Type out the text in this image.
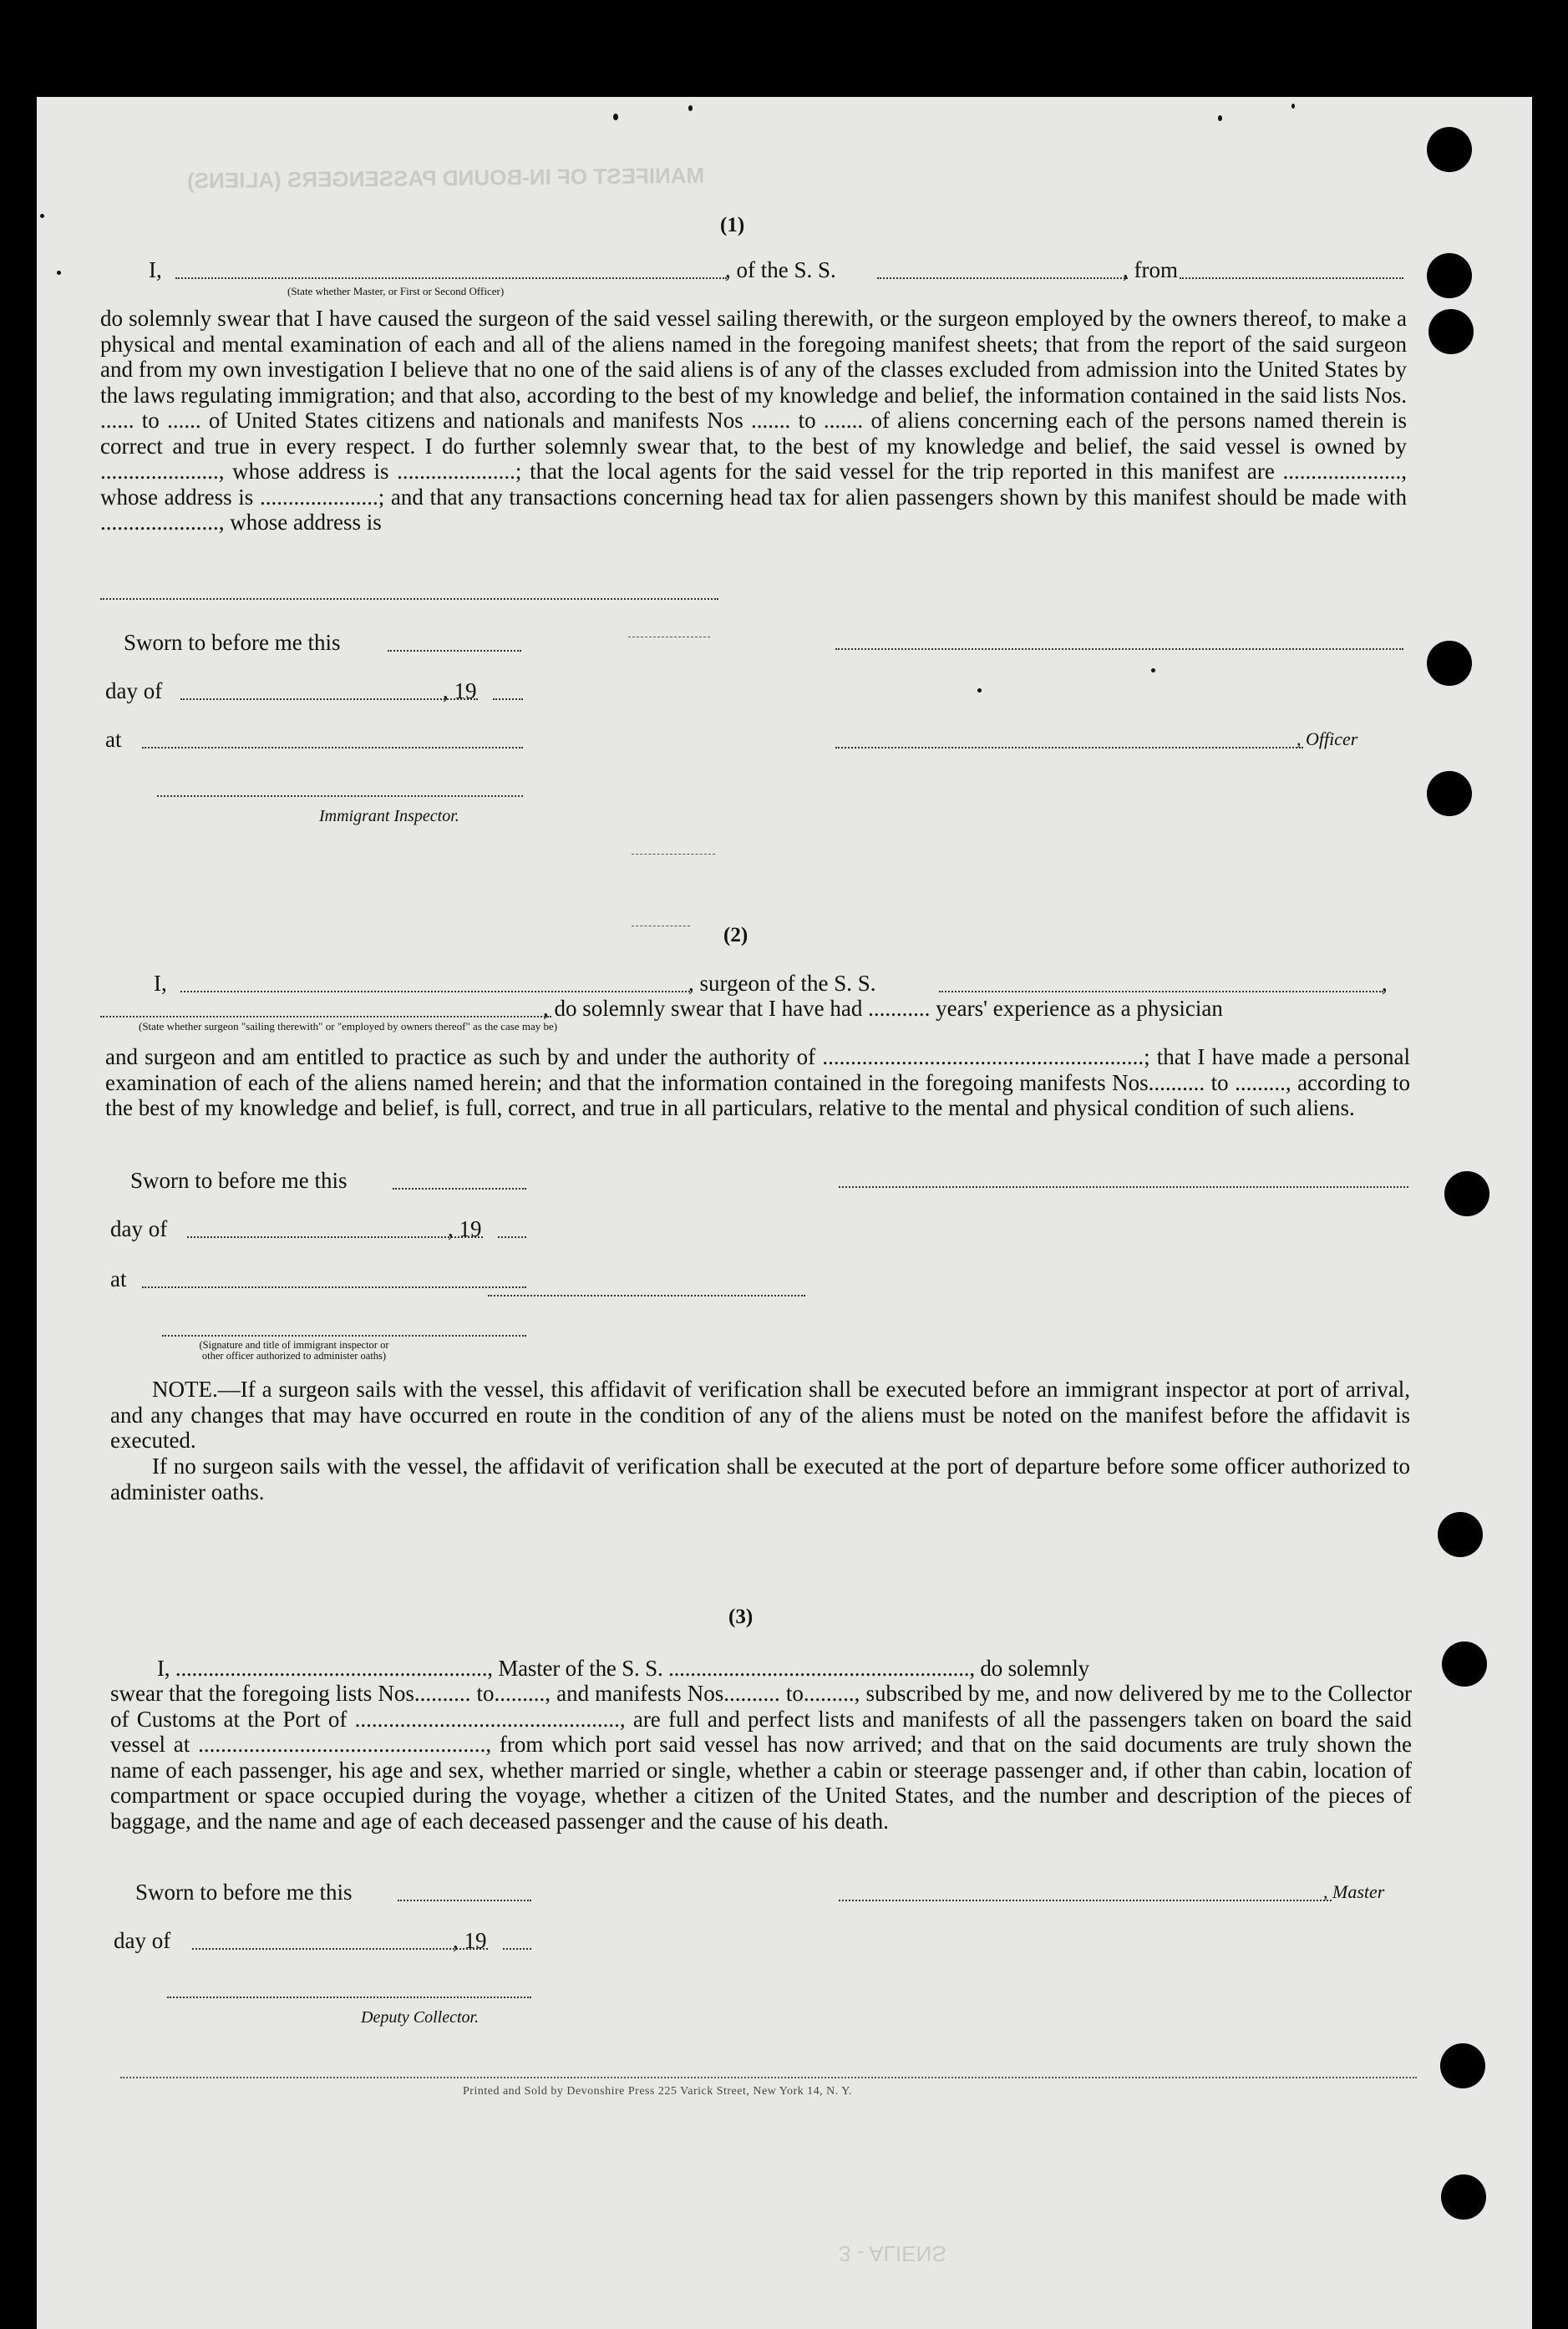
MANIFEST OF IN-BOUND PASSENGERS (ALIENS)
3 - ALIENS
(1)
I,	, of the S. S.	, from
(State whether Master, or First or Second Officer)
do solemnly swear that I have caused the surgeon of the said vessel sailing therewith, or the surgeon employed by the owners thereof, to make a physical and mental examination of each and all of the aliens named in the foregoing manifest sheets; that from the report of the said surgeon and from my own investigation I believe that no one of the said aliens is of any of the classes excluded from admission into the United States by the laws regulating immigration; and that also, according to the best of my knowledge and belief, the information contained in the said lists Nos. ...... to ...... of United States citizens and nationals and manifests Nos ....... to ....... of aliens concerning each of the persons named therein is correct and true in every respect. I do further solemnly swear that, to the best of my knowledge and belief, the said vessel is owned by ....................., whose address is .....................; that the local agents for the said vessel for the trip reported in this manifest are ....................., whose address is .....................; and that any transactions concerning head tax for alien passengers shown by this manifest should be made with ....................., whose address is
Sworn to before me this
day of	, 19
at	, Officer
Immigrant Inspector.
(2)
I,	, surgeon of the S. S.	,
, do solemnly swear that I have had ........... years' experience as a physician
(State whether surgeon "sailing therewith" or "employed by owners thereof" as the case may be)
and surgeon and am entitled to practice as such by and under the authority of .........................................................; that I have made a personal examination of each of the aliens named herein; and that the information contained in the foregoing manifests Nos.......... to ........., according to the best of my knowledge and belief, is full, correct, and true in all particulars, relative to the mental and physical condition of such aliens.
Sworn to before me this
day of	, 19
at
(Signature and title of immigrant inspector or other officer authorized to administer oaths)
NOTE.—If a surgeon sails with the vessel, this affidavit of verification shall be executed before an immigrant inspector at port of arrival, and any changes that may have occurred en route in the condition of any of the aliens must be noted on the manifest before the affidavit is executed.
If no surgeon sails with the vessel, the affidavit of verification shall be executed at the port of departure before some officer authorized to administer oaths.
(3)
I, ........................................................., Master of the S. S. ......................................................., do solemnly
swear that the foregoing lists Nos.......... to........., and manifests Nos.......... to........., subscribed by me, and now delivered by me to the Collector of Customs at the Port of ..............................................., are full and perfect lists and manifests of all the passengers taken on board the said vessel at ..................................................., from which port said vessel has now arrived; and that on the said documents are truly shown the name of each passenger, his age and sex, whether married or single, whether a cabin or steerage passenger and, if other than cabin, location of compartment or space occupied during the voyage, whether a citizen of the United States, and the number and description of the pieces of baggage, and the name and age of each deceased passenger and the cause of his death.
Sworn to before me this	, Master
day of	, 19
Deputy Collector.
Printed and Sold by Devonshire Press 225 Varick Street, New York 14, N. Y.
